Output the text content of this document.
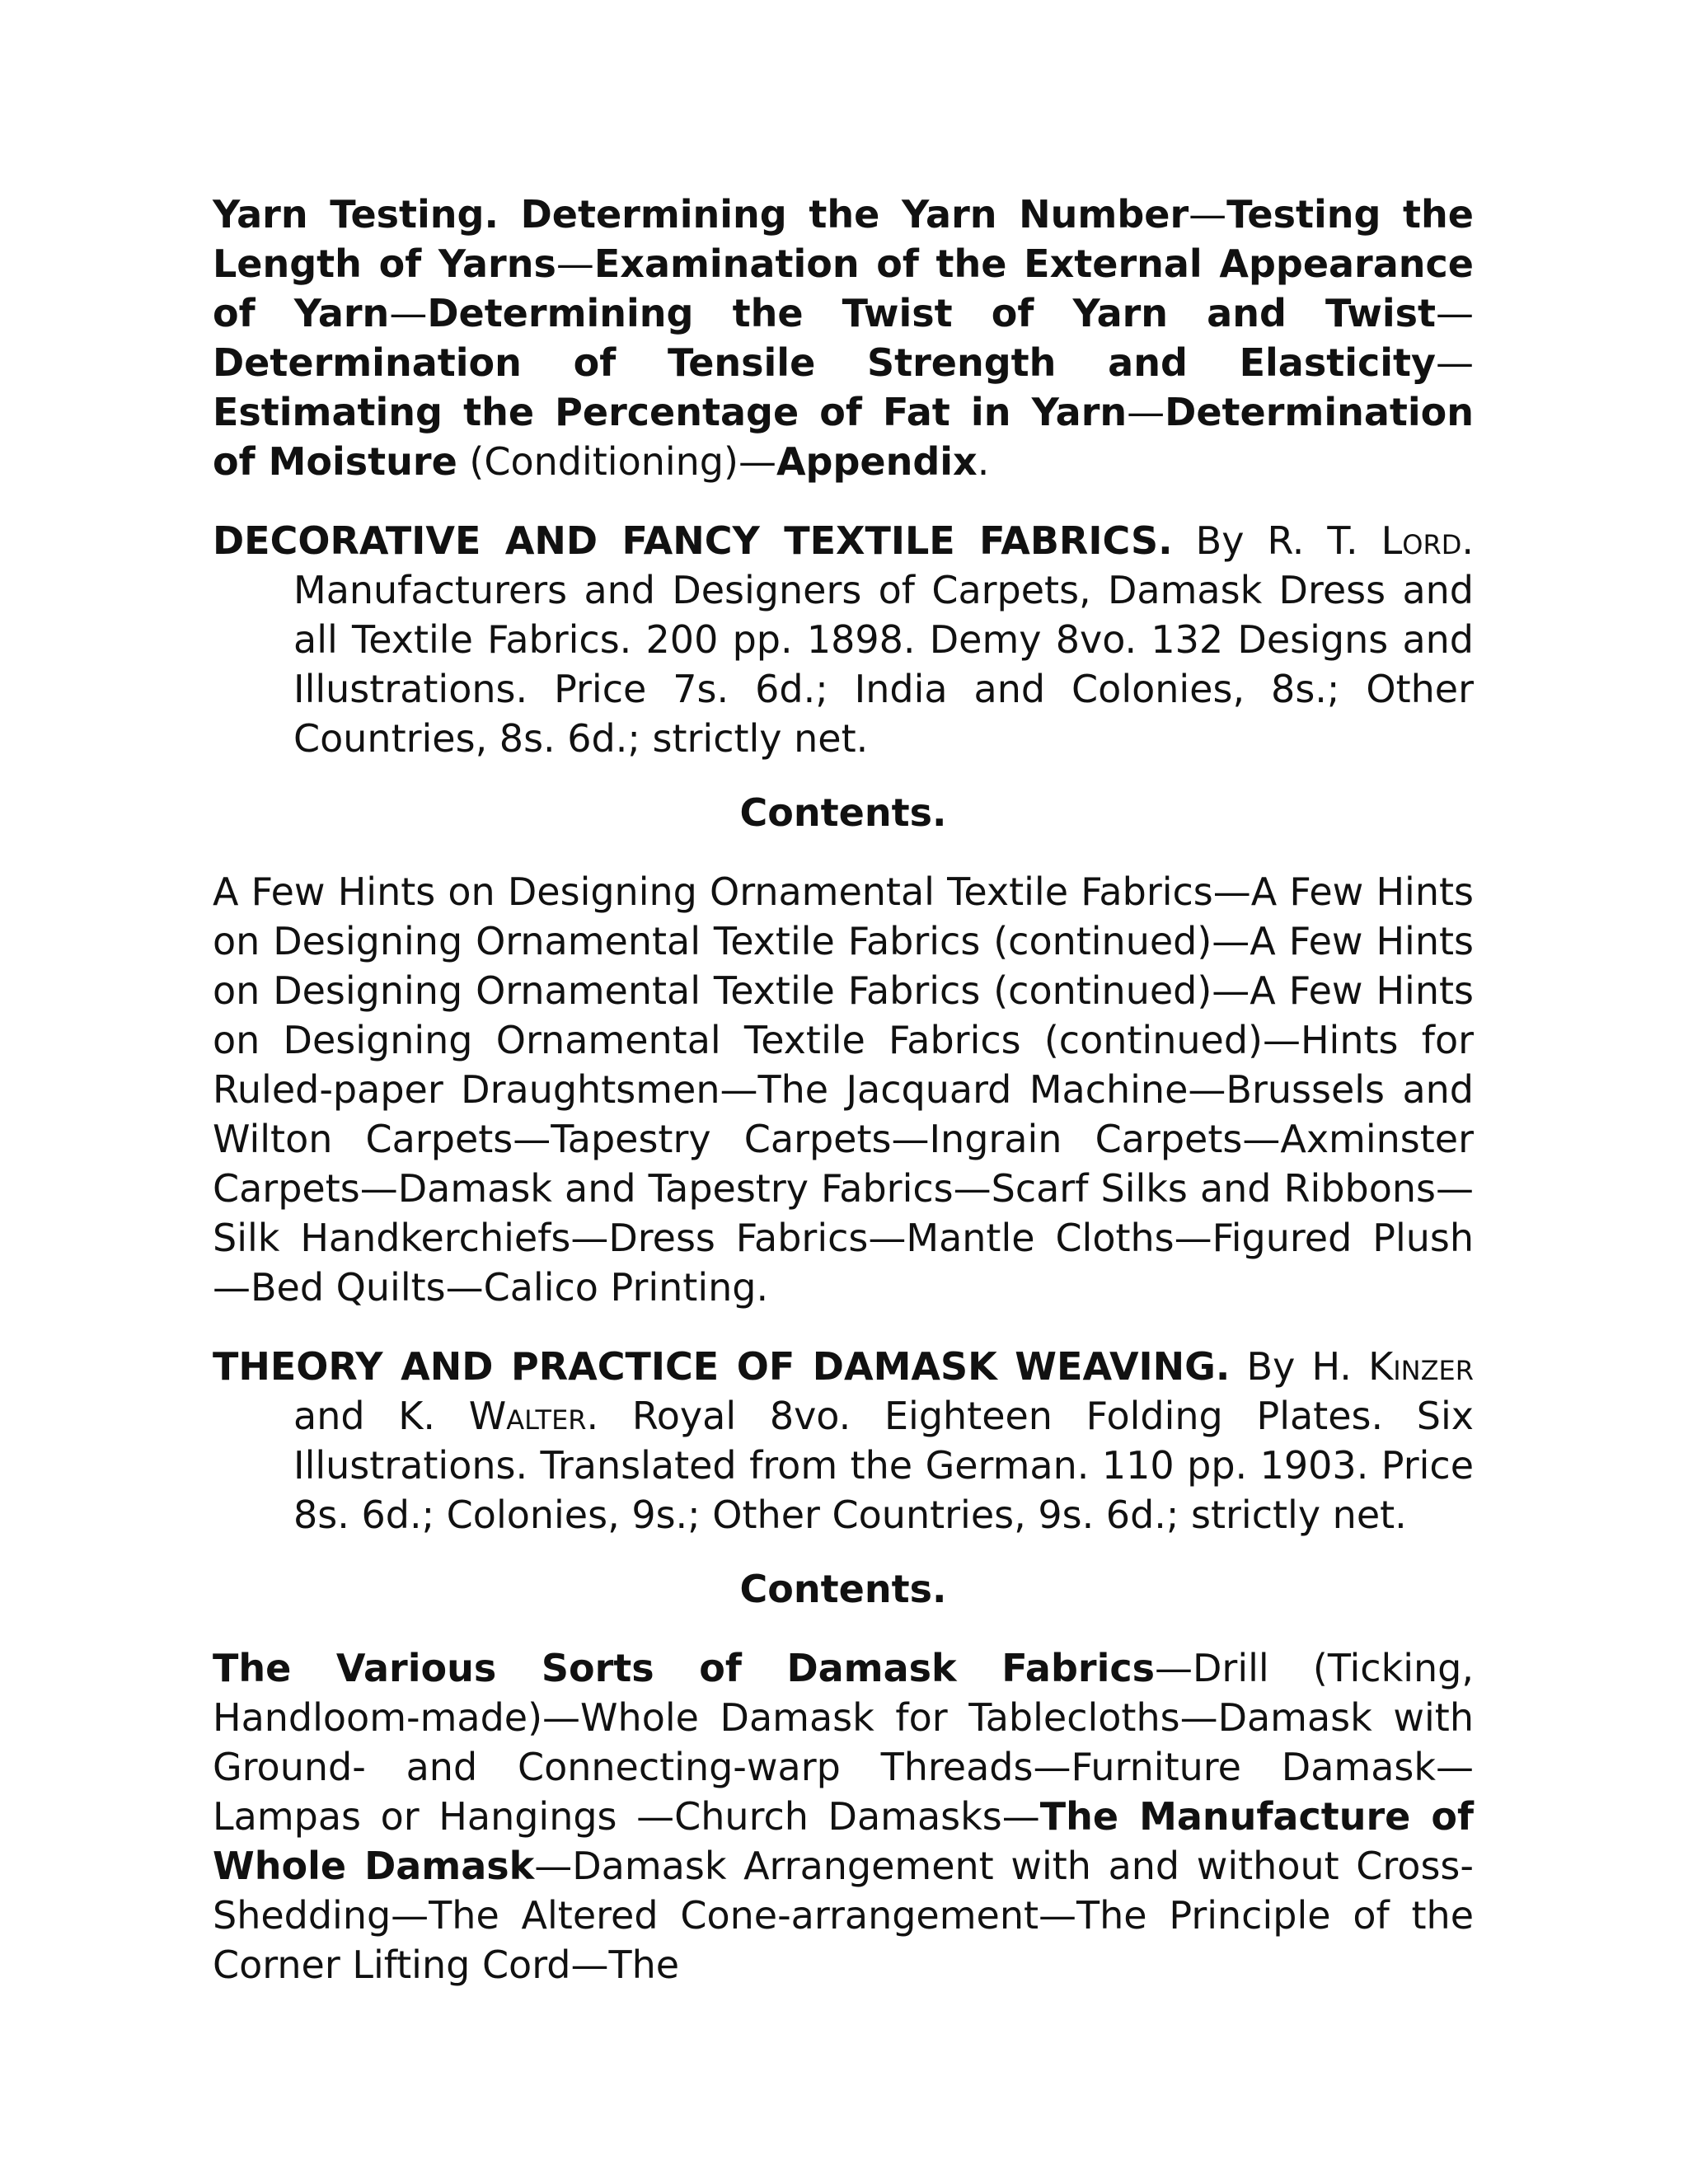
Yarn Testing. Determining the Yarn Number—Testing the Length of Yarns—Examination of the External Appearance of Yarn—Determining the Twist of Yarn and Twist—Determination of Tensile Strength and Elasticity—Estimating the Percentage of Fat in Yarn—Determination of Moisture (Conditioning)—Appendix.

DECORATIVE AND FANCY TEXTILE FABRICS. By R. T. Lord. Manufacturers and Designers of Carpets, Damask Dress and all Textile Fabrics. 200 pp. 1898. Demy 8vo. 132 Designs and Illustrations. Price 7s. 6d.; India and Colonies, 8s.; Other Countries, 8s. 6d.; strictly net.

Contents.

A Few Hints on Designing Ornamental Textile Fabrics—A Few Hints on Designing Ornamental Textile Fabrics (continued)—A Few Hints on Designing Ornamental Textile Fabrics (continued)—A Few Hints on Designing Ornamental Textile Fabrics (continued)—Hints for Ruled-paper Draughtsmen—The Jacquard Machine—Brussels and Wilton Carpets—Tapestry Carpets—Ingrain Carpets—Axminster Carpets—Damask and Tapestry Fabrics—Scarf Silks and Ribbons—Silk Handkerchiefs—Dress Fabrics—Mantle Cloths—Figured Plush—Bed Quilts—Calico Printing.

THEORY AND PRACTICE OF DAMASK WEAVING. By H. Kinzer and K. Walter. Royal 8vo. Eighteen Folding Plates. Six Illustrations. Translated from the German. 110 pp. 1903. Price 8s. 6d.; Colonies, 9s.; Other Countries, 9s. 6d.; strictly net.

Contents.

The Various Sorts of Damask Fabrics—Drill (Ticking, Handloom-made)—Whole Damask for Tablecloths—Damask with Ground- and Connecting-warp Threads—Furniture Damask—Lampas or Hangings —Church Damasks—The Manufacture of Whole Damask—Damask Arrangement with and without Cross-Shedding—The Altered Cone-arrangement—The Principle of the Corner Lifting Cord—The
